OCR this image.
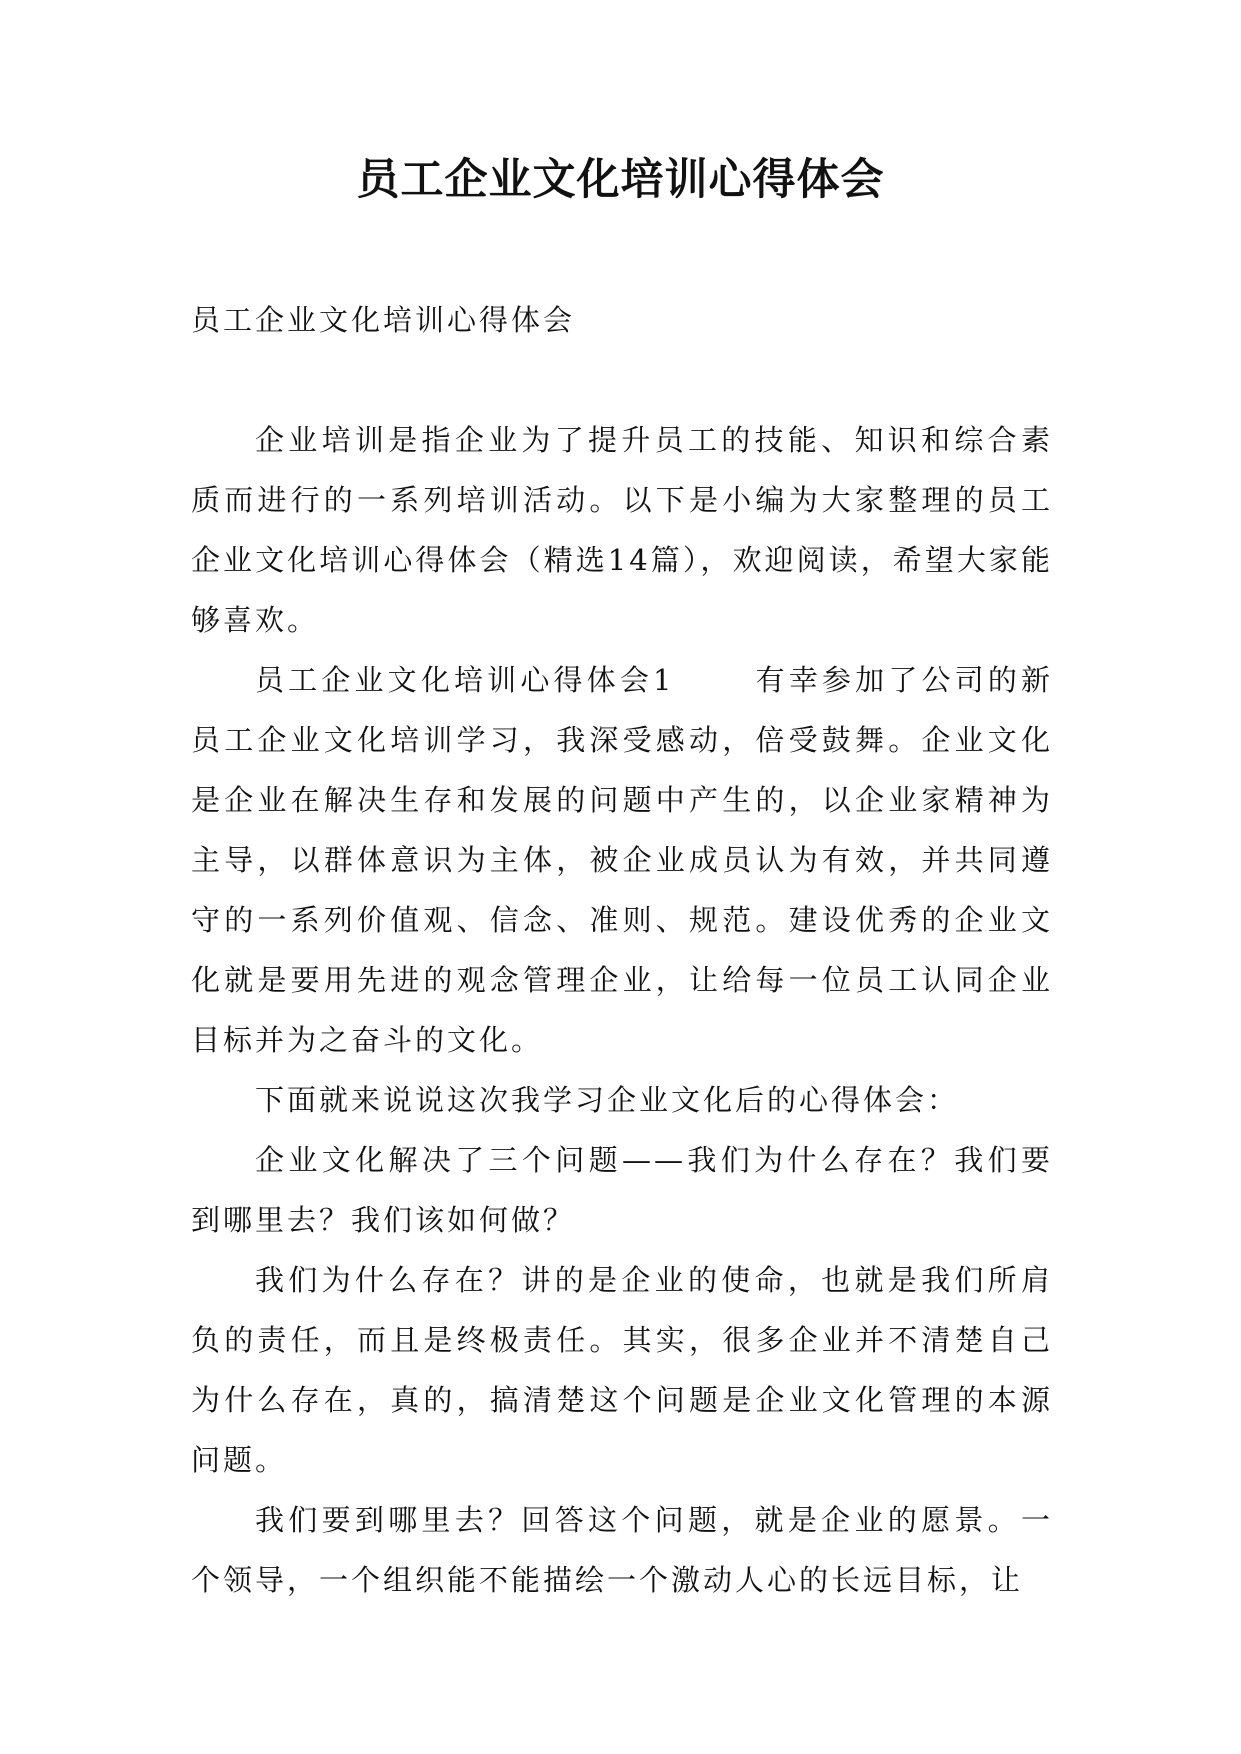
员工企业文化培训心得体会

员工企业文化培训心得体会

企业培训是指企业为了提升员工的技能、知识和综合素质而进行的一系列培训活动。以下是小编为大家整理的员工企业文化培训心得体会（精选14篇），欢迎阅读，希望大家能够喜欢。

员工企业文化培训心得体会1	有幸参加了公司的新员工企业文化培训学习，我深受感动，倍受鼓舞。企业文化是企业在解决生存和发展的问题中产生的，以企业家精神为主导，以群体意识为主体，被企业成员认为有效，并共同遵守的一系列价值观、信念、准则、规范。建设优秀的企业文化就是要用先进的观念管理企业，让给每一位员工认同企业目标并为之奋斗的文化。

下面就来说说这次我学习企业文化后的心得体会：

企业文化解决了三个问题——我们为什么存在？我们要到哪里去？我们该如何做？

我们为什么存在？讲的是企业的使命，也就是我们所肩负的责任，而且是终极责任。其实，很多企业并不清楚自己为什么存在，真的，搞清楚这个问题是企业文化管理的本源问题。

我们要到哪里去？回答这个问题，就是企业的愿景。一个领导，一个组织能不能描绘一个激动人心的长远目标，让
